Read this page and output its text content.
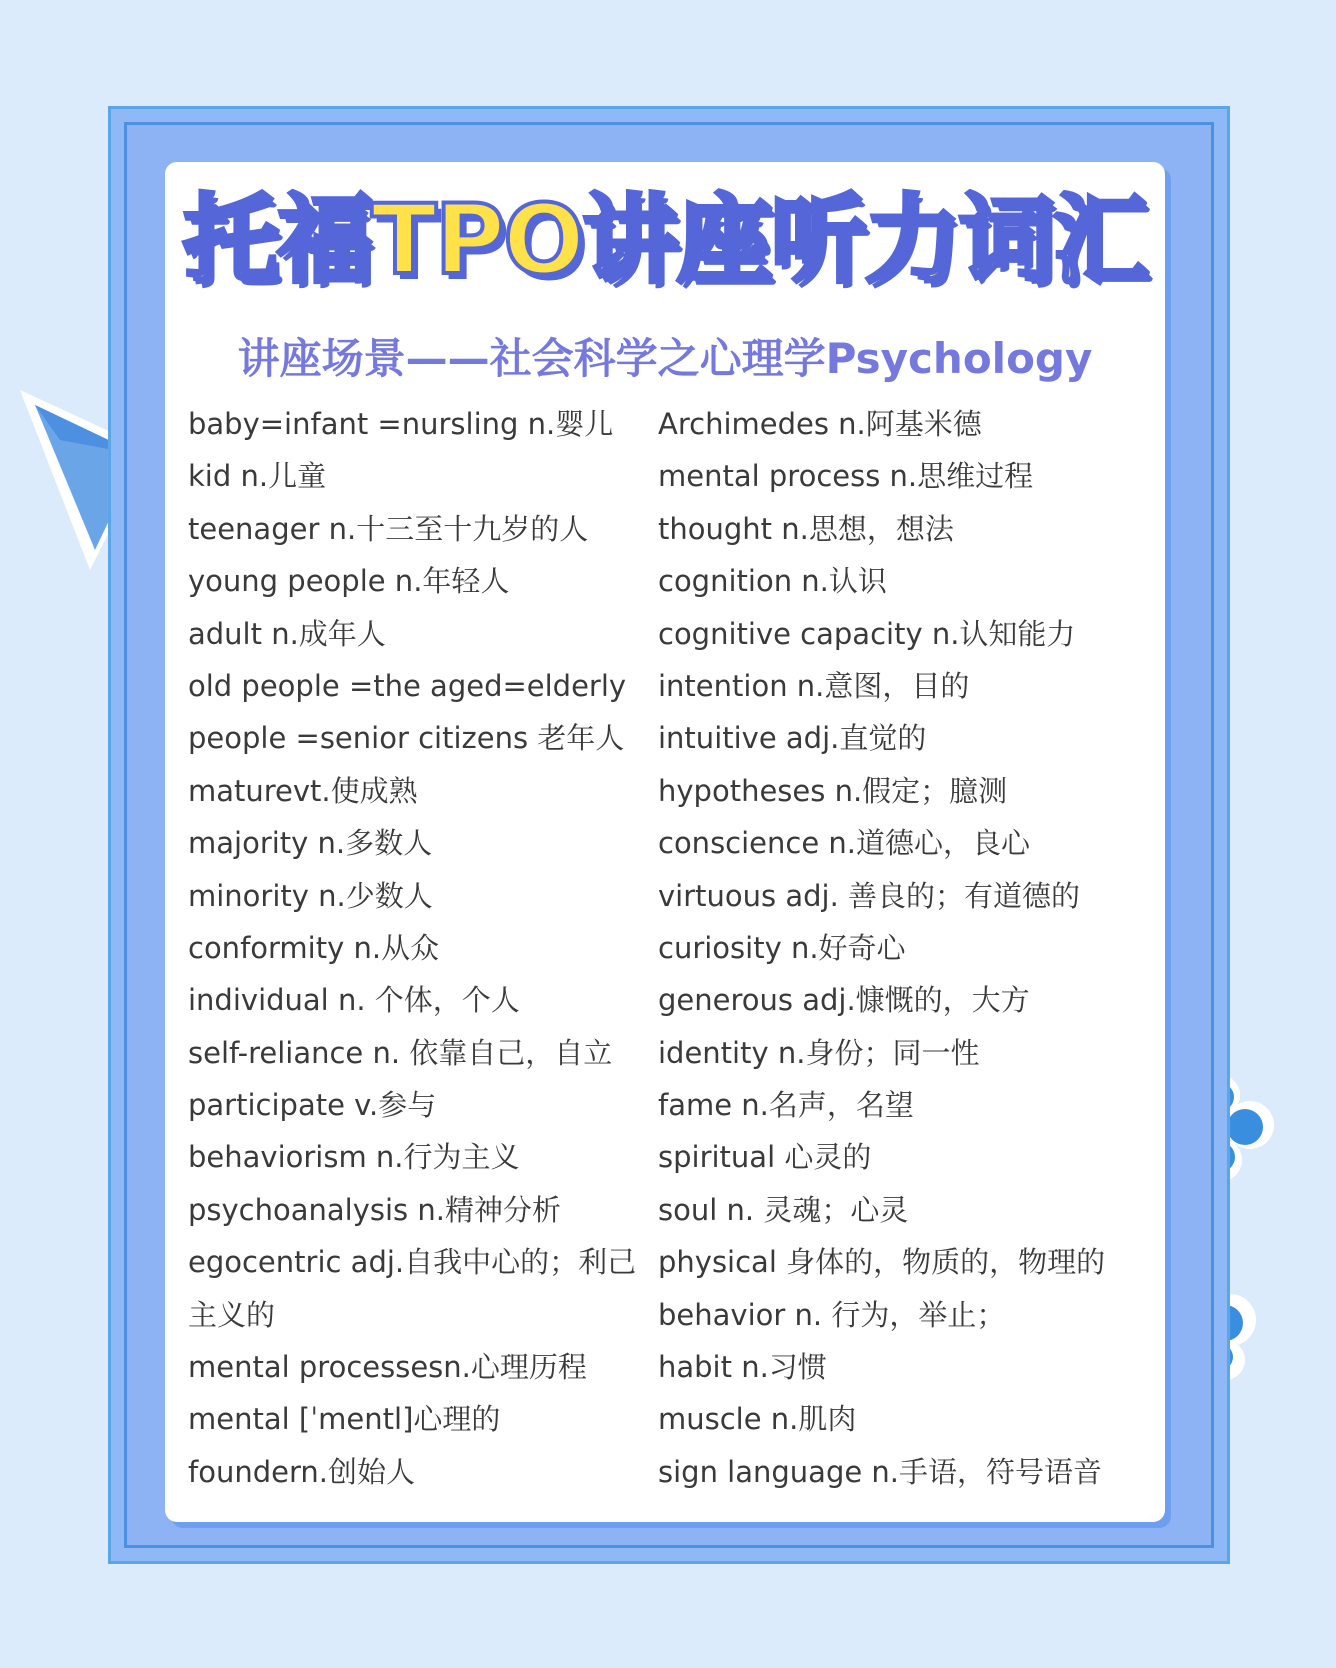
托福TPO讲座听力词汇
讲座场景——社会科学之心理学Psychology
baby=infant =nursling n.婴儿
kid n.儿童
teenager n.十三至十九岁的人
young people n.年轻人
adult n.成年人
old people =the aged=elderly
people =senior citizens 老年人
maturevt.使成熟
majority n.多数人
minority n.少数人
conformity n.从众
individual n. 个体，个人
self-reliance n. 依靠自己，自立
participate v.参与
behaviorism n.行为主义
psychoanalysis n.精神分析
egocentric adj.自我中心的；利己
主义的
mental processesn.心理历程
mental [ˈmentl]心理的
foundern.创始人
Archimedes n.阿基米德
mental process n.思维过程
thought n.思想，想法
cognition n.认识
cognitive capacity n.认知能力
intention n.意图，目的
intuitive adj.直觉的
hypotheses n.假定；臆测
conscience n.道德心，良心
virtuous adj. 善良的；有道德的
curiosity n.好奇心
generous adj.慷慨的，大方
identity n.身份；同一性
fame n.名声，名望
spiritual 心灵的
soul n. 灵魂；心灵
physical 身体的，物质的，物理的
behavior n. 行为，举止；
habit n.习惯
muscle n.肌肉
sign language n.手语，符号语音
